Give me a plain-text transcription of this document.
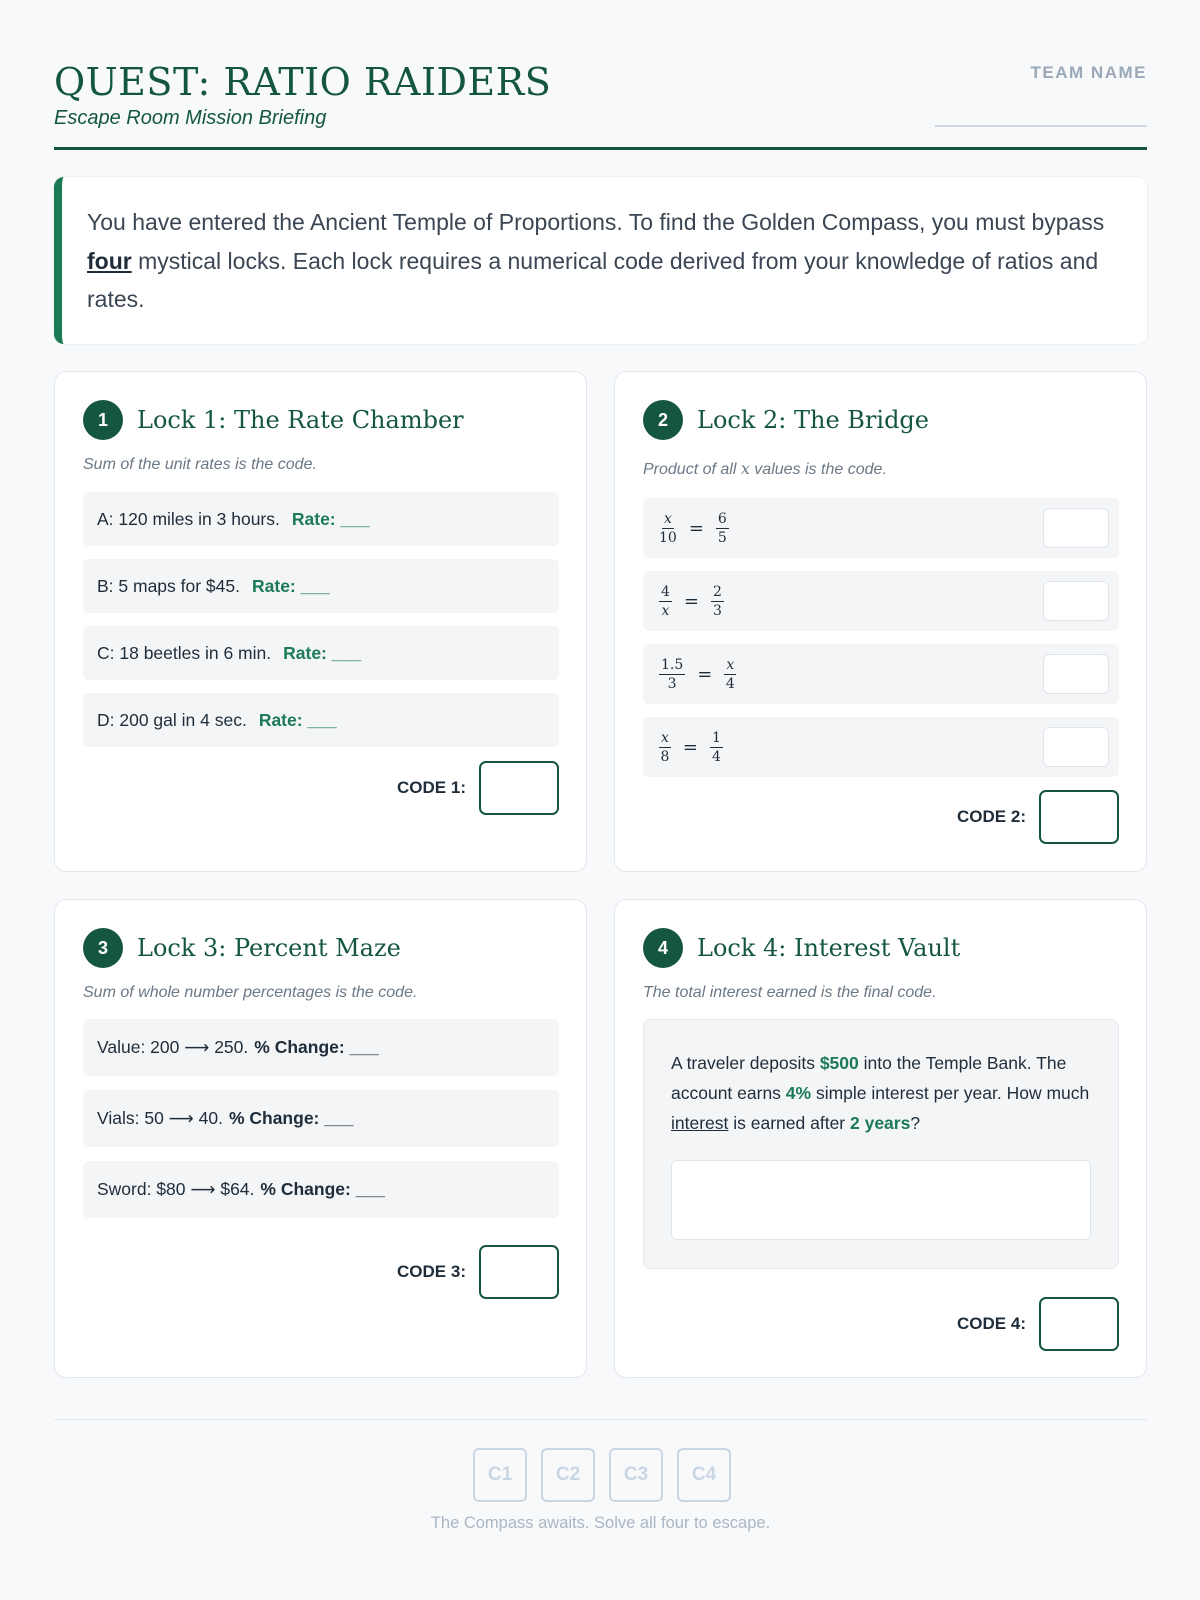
QUEST: RATIO RAIDERS
Escape Room Mission Briefing
TEAM NAME
You have entered the Ancient Temple of Proportions. To find the Golden Compass, you must bypass four mystical locks. Each lock requires a numerical code derived from your knowledge of ratios and rates.
1	Lock 1: The Rate Chamber
Sum of the unit rates is the code.
A: 120 miles in 3 hours. Rate: ___
B: 5 maps for $45. Rate: ___
C: 18 beetles in 6 min. Rate: ___
D: 200 gal in 4 sec. Rate: ___
CODE 1:
2	Lock 2: The Bridge
Product of all x values is the code.
$\frac{x}{10} = \frac{6}{5}$
$\frac{4}{x} = \frac{2}{3}$
$\frac{1.5}{3} = \frac{x}{4}$
$\frac{x}{8} = \frac{1}{4}$
CODE 2:
3	Lock 3: Percent Maze
Sum of whole number percentages is the code.
Value: 200 ⟶ 250. % Change: ___
Vials: 50 ⟶ 40. % Change: ___
Sword: $80 ⟶ $64. % Change: ___
CODE 3:
4	Lock 4: Interest Vault
The total interest earned is the final code.
A traveler deposits $500 into the Temple Bank. The account earns 4% simple interest per year. How much interest is earned after 2 years?
CODE 4:
C1	C2	C3	C4
The Compass awaits. Solve all four to escape.
